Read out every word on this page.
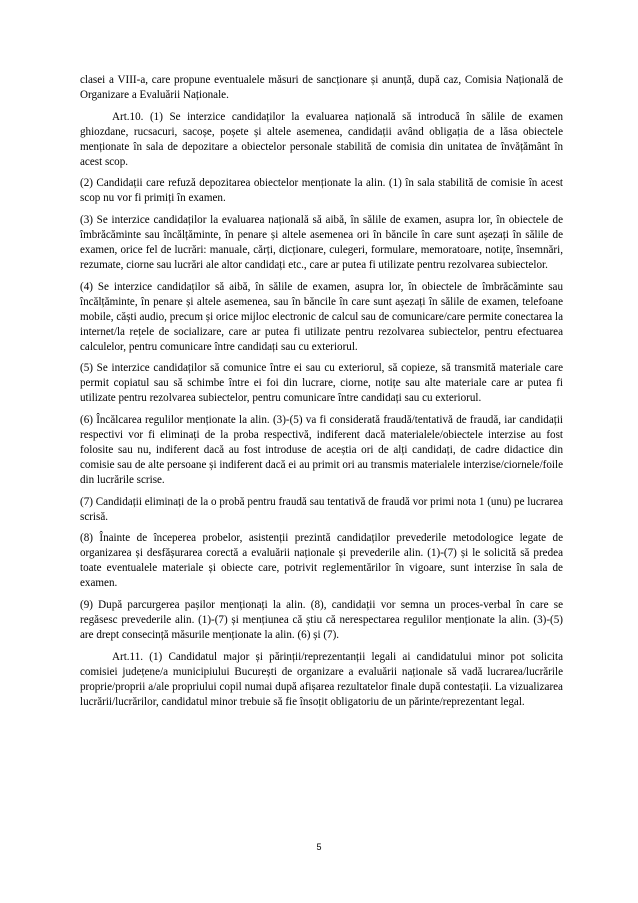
clasei a VIII-a, care propune eventualele măsuri de sancționare și anunță, după caz, Comisia Națională de Organizare a Evaluării Naționale.

Art.10. (1) Se interzice candidaților la evaluarea națională să introducă în sălile de examen ghiozdane, rucsacuri, sacoșe, poșete și altele asemenea, candidații având obligația de a lăsa obiectele menționate în sala de depozitare a obiectelor personale stabilită de comisia din unitatea de învățământ în acest scop.

(2) Candidații care refuză depozitarea obiectelor menționate la alin. (1) în sala stabilită de comisie în acest scop nu vor fi primiți în examen.

(3) Se interzice candidaților la evaluarea națională să aibă, în sălile de examen, asupra lor, în obiectele de îmbrăcăminte sau încălțăminte, în penare și altele asemenea ori în băncile în care sunt așezați în sălile de examen, orice fel de lucrări: manuale, cărți, dicționare, culegeri, formulare, memoratoare, notițe, însemnări, rezumate, ciorne sau lucrări ale altor candidați etc., care ar putea fi utilizate pentru rezolvarea subiectelor.

(4) Se interzice candidaților să aibă, în sălile de examen, asupra lor, în obiectele de îmbrăcăminte sau încălțăminte, în penare și altele asemenea, sau în băncile în care sunt așezați în sălile de examen, telefoane mobile, căști audio, precum și orice mijloc electronic de calcul sau de comunicare/care permite conectarea la internet/la rețele de socializare, care ar putea fi utilizate pentru rezolvarea subiectelor, pentru efectuarea calculelor, pentru comunicare între candidați sau cu exteriorul.

(5) Se interzice candidaților să comunice între ei sau cu exteriorul, să copieze, să transmită materiale care permit copiatul sau să schimbe între ei foi din lucrare, ciorne, notițe sau alte materiale care ar putea fi utilizate pentru rezolvarea subiectelor, pentru comunicare între candidați sau cu exteriorul.

(6) Încălcarea regulilor menționate la alin. (3)-(5) va fi considerată fraudă/tentativă de fraudă, iar candidații respectivi vor fi eliminați de la proba respectivă, indiferent dacă materialele/obiectele interzise au fost folosite sau nu, indiferent dacă au fost introduse de aceștia ori de alți candidați, de cadre didactice din comisie sau de alte persoane și indiferent dacă ei au primit ori au transmis materialele interzise/ciornele/foile din lucrările scrise.

(7) Candidații eliminați de la o probă pentru fraudă sau tentativă de fraudă vor primi nota 1 (unu) pe lucrarea scrisă.

(8) Înainte de începerea probelor, asistenții prezintă candidaților prevederile metodologice legate de organizarea și desfășurarea corectă a evaluării naționale și prevederile alin. (1)-(7) și le solicită să predea toate eventualele materiale și obiecte care, potrivit reglementărilor în vigoare, sunt interzise în sala de examen.

(9) După parcurgerea pașilor menționați la alin. (8), candidații vor semna un proces-verbal în care se regăsesc prevederile alin. (1)-(7) și mențiunea că știu că nerespectarea regulilor menționate la alin. (3)-(5) are drept consecință măsurile menționate la alin. (6) și (7).

Art.11. (1) Candidatul major și părinții/reprezentanții legali ai candidatului minor pot solicita comisiei județene/a municipiului București de organizare a evaluării naționale să vadă lucrarea/lucrările proprie/proprii a/ale propriului copil numai după afișarea rezultatelor finale după contestații. La vizualizarea lucrării/lucrărilor, candidatul minor trebuie să fie însoțit obligatoriu de un părinte/reprezentant legal.

5
